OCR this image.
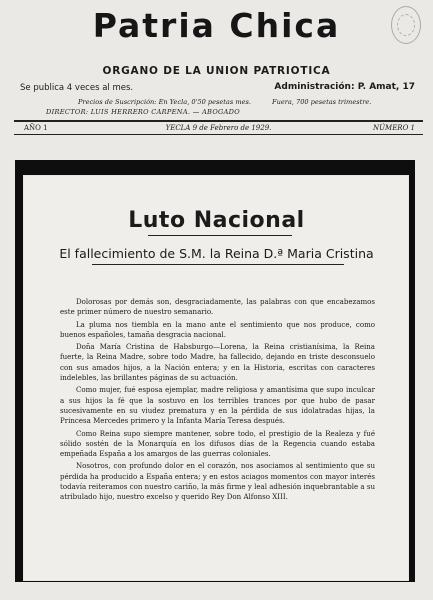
Patria Chica
ORGANO DE LA UNION PATRIOTICA
Se publica 4 veces al mes.	Administración: P. Amat, 17
Precios de Suscripción: En Yecla, 0'50 pesetas mes.	Fuera, 700 pesetas trimestre.
DIRECTOR: LUIS HERRERO CARPENA. — ABOGADO
AÑO 1	YECLA 9 de Febrero de 1929.	NÚMERO 1
Luto Nacional
El fallecimiento de S.M. la Reina D.ª Maria Cristina

Dolorosas por demás son, desgraciadamente, las palabras con que encabezamos este primer número de nuestro semanario.

La pluma nos tiembla en la mano ante el sentimiento que nos produce, como buenos españoles, tamaña desgracia nacional.

Doña María Cristina de Habsburgo—Lorena, la Reina cristianísima, la Reina fuerte, la Reina Madre, sobre todo Madre, ha fallecido, dejando en triste desconsuelo con sus amados hijos, a la Nación entera; y en la Historia, escritas con caracteres indelebles, las brillantes páginas de su actuación.

Como mujer, fué esposa ejemplar, madre religiosa y amantísima que supo inculcar a sus hijos la fé que la sostuvo en los terribles trances por que hubo de pasar sucesivamente en su viudez prematura y en la pérdida de sus idolatradas hijas, la Princesa Mercedes primero y la Infanta María Teresa después.

Como Reina supo siempre mantener, sobre todo, el prestigio de la Realeza y fué sólido sostén de la Monarquía en los difusos días de la Regencia cuando estaba empeñada España a los amargos de las guerras coloniales.

Nosotros, con profundo dolor en el corazón, nos asociamos al sentimiento que su pérdida ha producido a España entera; y en estos aciagos momentos con mayor interés todavía reiteramos con nuestro cariño, la más firme y leal adhesión inquebrantable a su atribulado hijo, nuestro excelso y querido Rey Don Alfonso XIII.
